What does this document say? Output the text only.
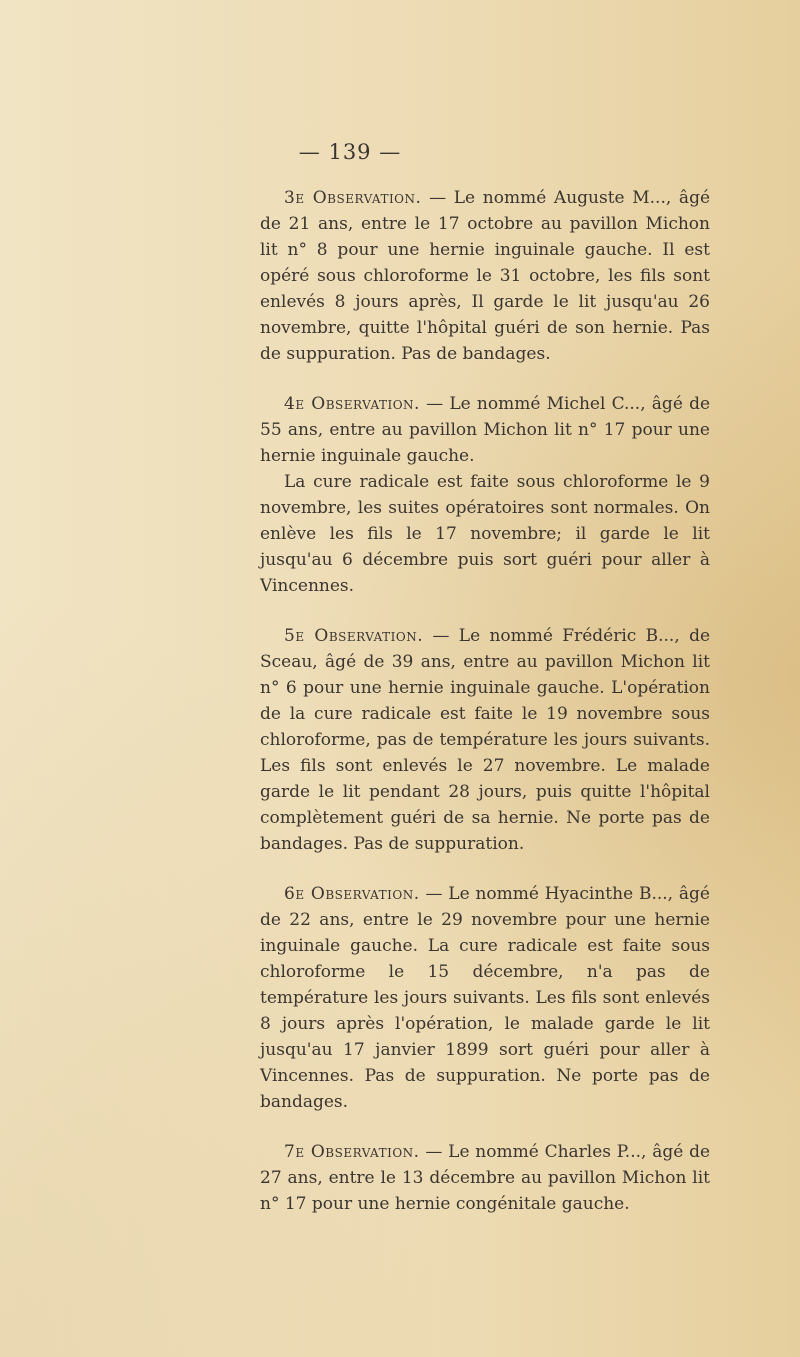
— 139 —

3e Observation. — Le nommé Auguste M..., âgé de 21 ans, entre le 17 octobre au pavillon Michon lit n° 8 pour une hernie inguinale gauche. Il est opéré sous chloroforme le 31 octobre, les fils sont enlevés 8 jours après, Il garde le lit jusqu'au 26 novembre, quitte l'hôpital guéri de son hernie. Pas de suppuration. Pas de bandages.

4e Observation. — Le nommé Michel C..., âgé de 55 ans, entre au pavillon Michon lit n° 17 pour une hernie inguinale gauche.

La cure radicale est faite sous chloroforme le 9 novembre, les suites opératoires sont normales. On enlève les fils le 17 novembre; il garde le lit jusqu'au 6 décembre puis sort guéri pour aller à Vincennes.

5e Observation. — Le nommé Frédéric B..., de Sceau, âgé de 39 ans, entre au pavillon Michon lit n° 6 pour une hernie inguinale gauche. L'opération de la cure radicale est faite le 19 novembre sous chloroforme, pas de température les jours suivants. Les fils sont enlevés le 27 novembre. Le malade garde le lit pendant 28 jours, puis quitte l'hôpital complètement guéri de sa hernie. Ne porte pas de bandages. Pas de suppuration.

6e Observation. — Le nommé Hyacinthe B..., âgé de 22 ans, entre le 29 novembre pour une hernie inguinale gauche. La cure radicale est faite sous chloroforme le 15 décembre, n'a pas de température les jours suivants. Les fils sont enlevés 8 jours après l'opération, le malade garde le lit jusqu'au 17 janvier 1899 sort guéri pour aller à Vincennes. Pas de suppuration. Ne porte pas de bandages.

7e Observation. — Le nommé Charles P..., âgé de 27 ans, entre le 13 décembre au pavillon Michon lit n° 17 pour une hernie congénitale gauche.
